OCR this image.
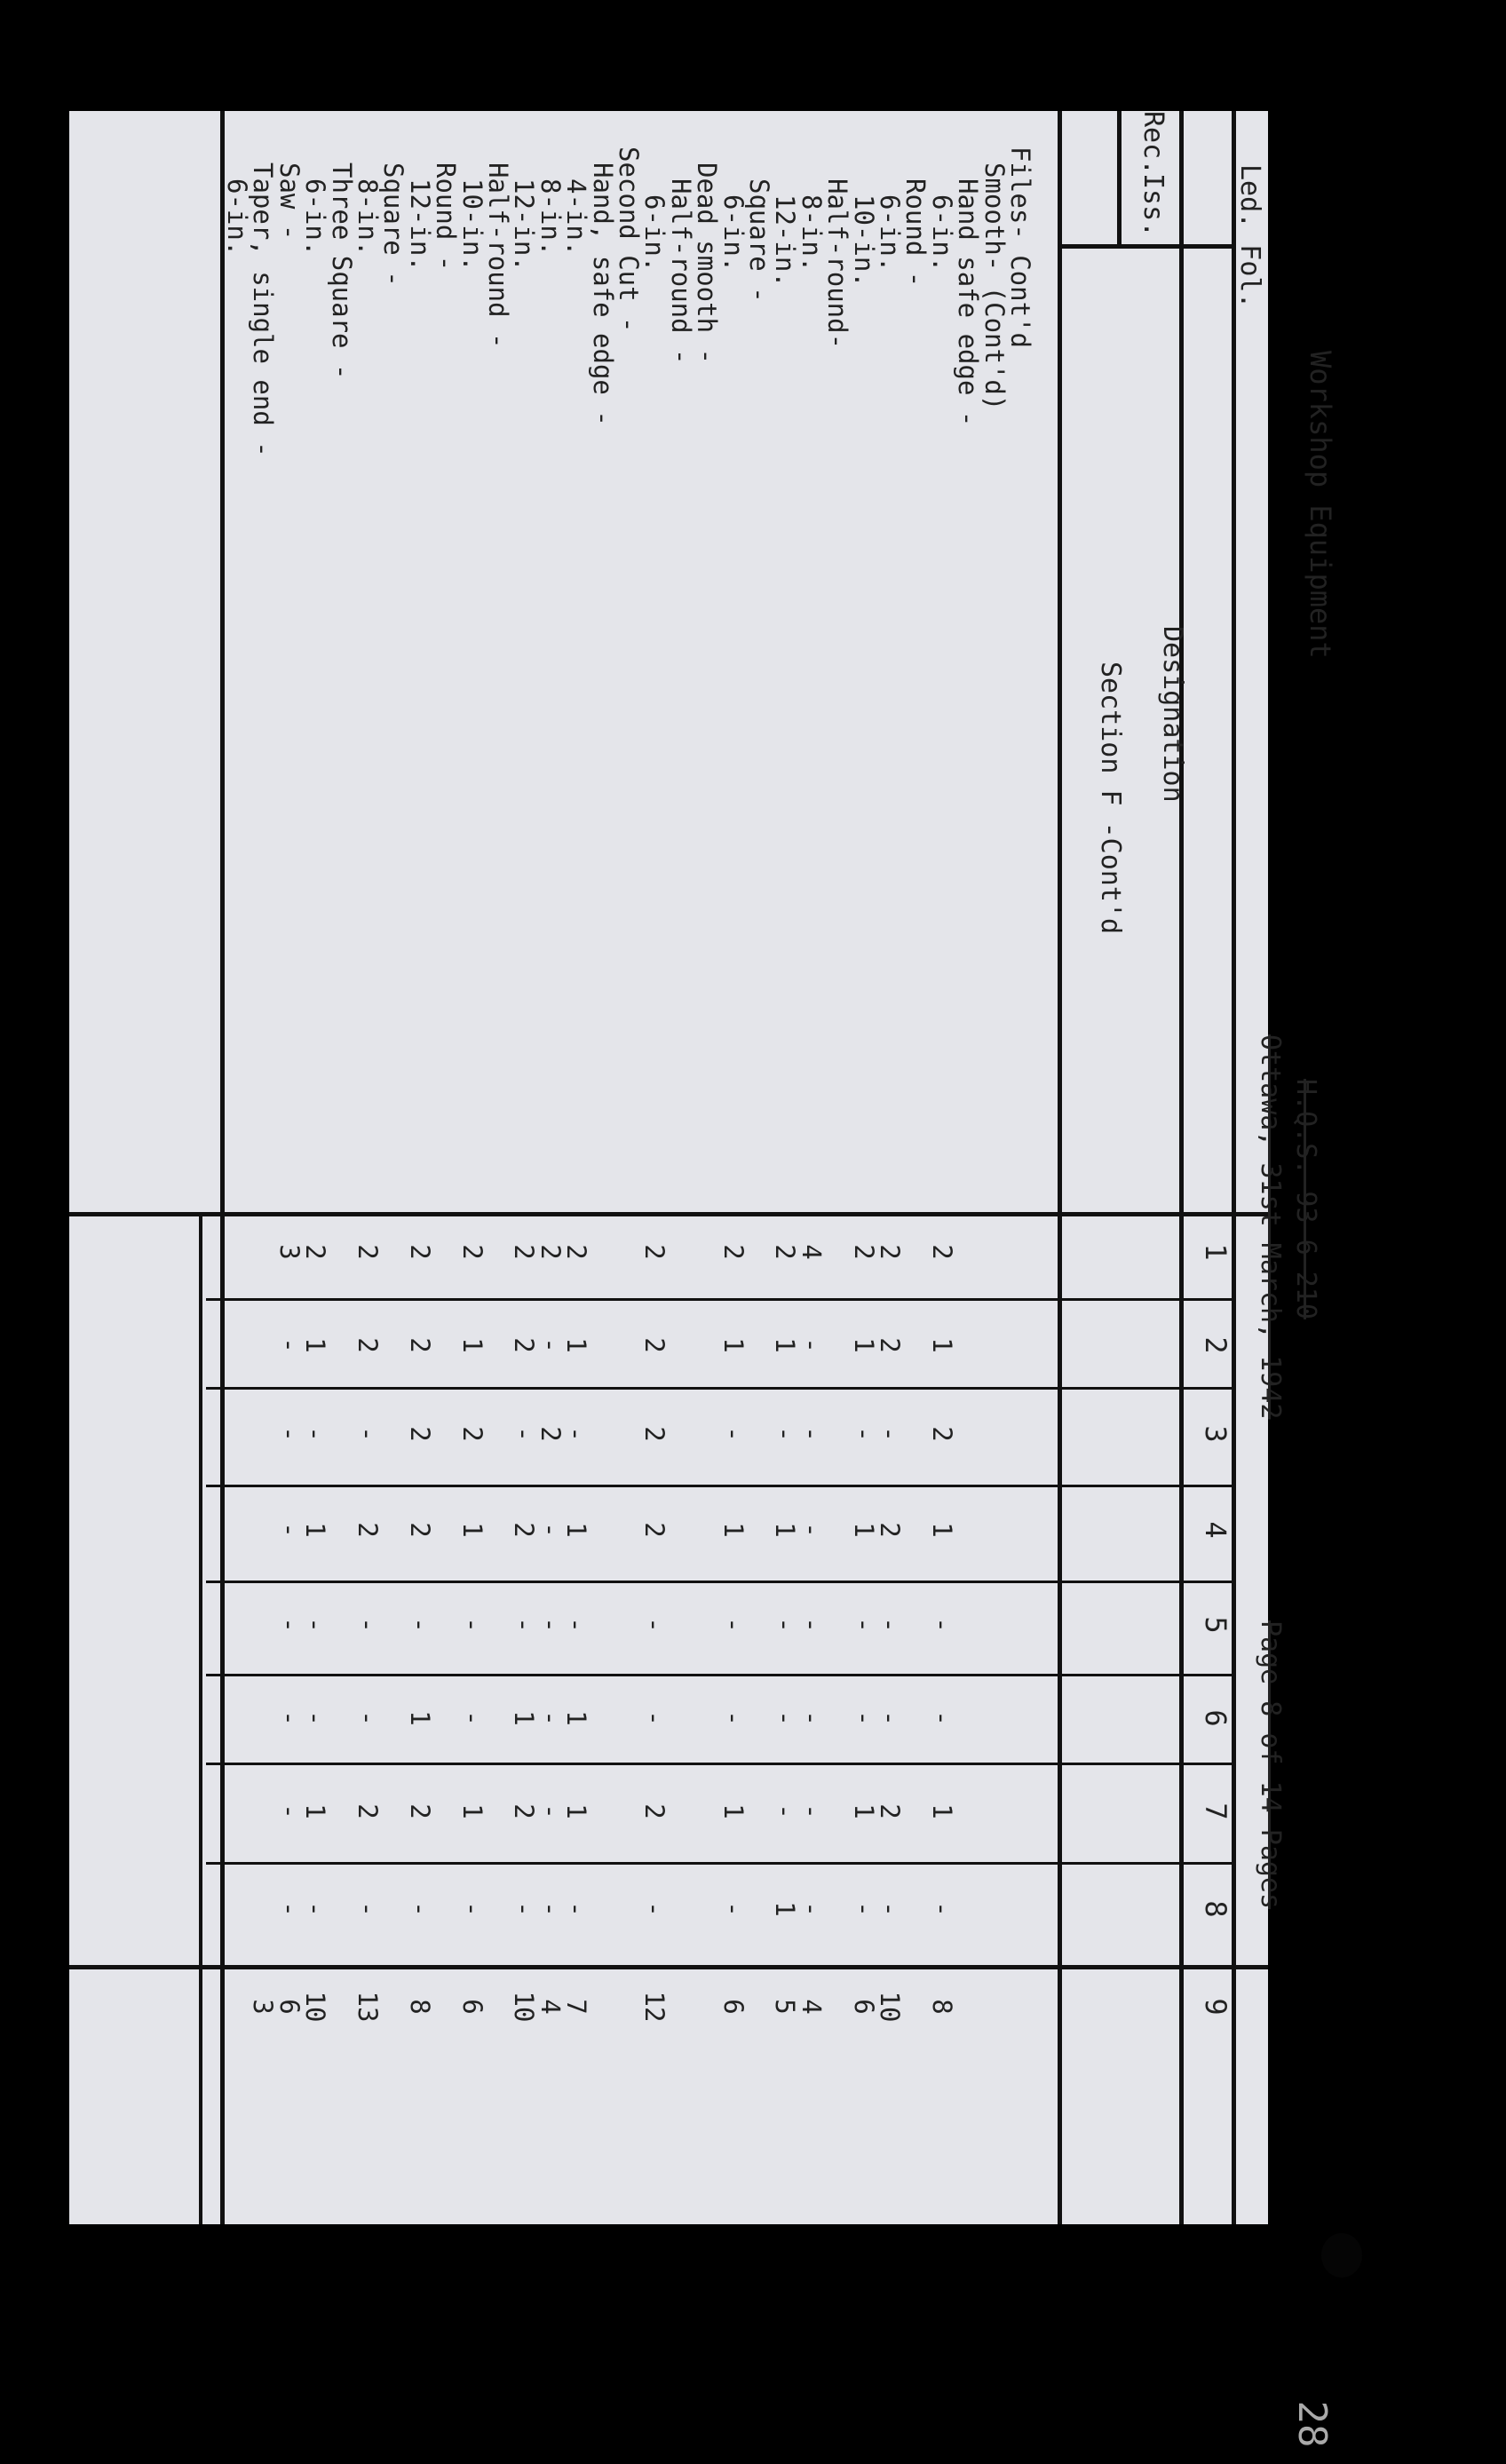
Led. Fol.
Rec.
Iss.
Workshop Equipment
Designation
Section F -Cont'd
H.Q.S. 93-6-210
Ottawa, 31st March, 1942
Page 8 of 14 Pages
1
2
3
4
5
6
7
8
9
Files- Cont'd
Smooth- (Cont'd)
Hand safe edge -
6-in.
2
1
2
1
-
-
1
-
8
Round -
6-in.
2
2
-
2
-
-
2
-
10
10-in.
2
1
-
1
-
-
1
-
6
Half-round-
8-in.
4
-
-
-
-
-
-
-
4
12-in.
2
1
-
1
-
-
-
1
5
Square -
6-in.
2
1
-
1
-
-
1
-
6
Dead smooth -
Half-round -
6-in.
2
2
2
2
-
-
2
-
12
Second Cut -
Hand, safe edge -
4-in.
2
1
-
1
-
1
1
-
7
8-in.
2
-
2
-
-
-
-
-
4
12-in.
2
2
-
2
-
1
2
-
10
Half-round -
10-in.
2
1
2
1
-
-
1
-
6
Round -
12-in.
2
2
2
2
-
1
2
-
8
Square -
8-in.
2
2
-
2
-
-
2
-
13
Three Square -
6-in.
2
1
-
1
-
-
1
-
10
Saw -
3
-
-
-
-
-
-
-
6
Taper, single end -
3
6-in.
28
